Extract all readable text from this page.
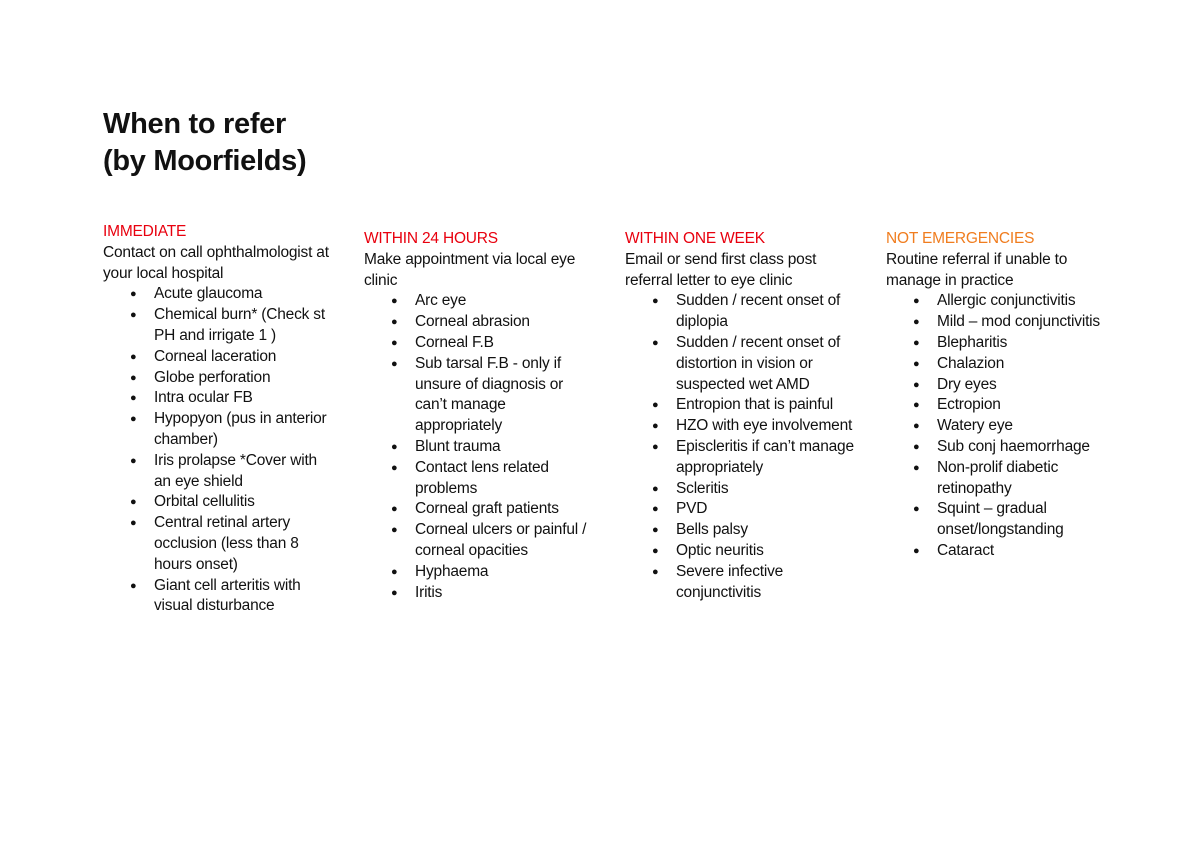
When to refer
(by Moorfields)
IMMEDIATE
Contact on call ophthalmologist at your local hospital
● Acute glaucoma
● Chemical burn* (Check st PH and irrigate 1 )
● Corneal laceration
● Globe perforation
● Intra ocular FB
● Hypopyon (pus in anterior chamber)
● Iris prolapse *Cover with an eye shield
● Orbital cellulitis
● Central retinal artery occlusion (less than 8 hours onset)
● Giant cell arteritis with visual disturbance
WITHIN 24 HOURS
Make appointment via local eye clinic
● Arc eye
● Corneal abrasion
● Corneal F.B
● Sub tarsal F.B - only if unsure of diagnosis or can’t manage appropriately
● Blunt trauma
● Contact lens related problems
● Corneal graft patients
● Corneal ulcers or painful / corneal opacities
● Hyphaema
● Iritis
WITHIN ONE WEEK
Email or send first class post referral letter to eye clinic
● Sudden / recent onset of diplopia
● Sudden / recent onset of distortion in vision or suspected wet AMD
● Entropion that is painful
● HZO with eye involvement
● Episcleritis if can’t manage appropriately
● Scleritis
● PVD
● Bells palsy
● Optic neuritis
● Severe infective conjunctivitis
NOT EMERGENCIES
Routine referral if unable to manage in practice
● Allergic conjunctivitis
● Mild – mod conjunctivitis
● Blepharitis
● Chalazion
● Dry eyes
● Ectropion
● Watery eye
● Sub conj haemorrhage
● Non-prolif diabetic retinopathy
● Squint – gradual onset/longstanding
● Cataract
